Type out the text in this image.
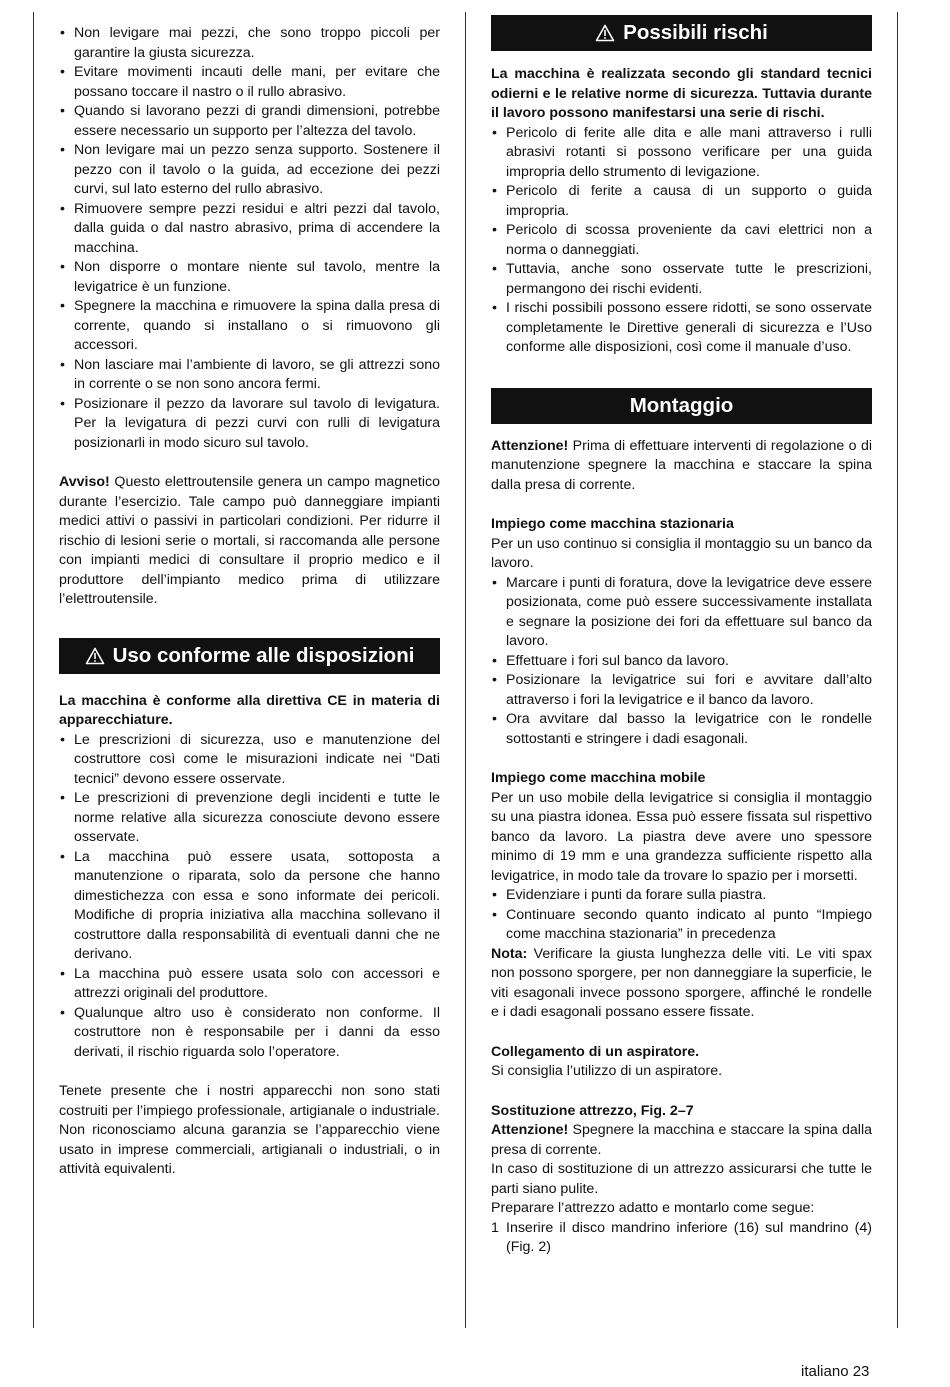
• Non levigare mai pezzi, che sono troppo piccoli per garantire la giusta sicurezza.
• Evitare movimenti incauti delle mani, per evitare che possano toccare il nastro o il rullo abrasivo.
• Quando si lavorano pezzi di grandi dimensioni, potrebbe essere necessario un supporto per l’altezza del tavolo.
• Non levigare mai un pezzo senza supporto. Sostenere il pezzo con il tavolo o la guida, ad eccezione dei pezzi curvi, sul lato esterno del rullo abrasivo.
• Rimuovere sempre pezzi residui e altri pezzi dal tavolo, dalla guida o dal nastro abrasivo, prima di accendere la macchina.
• Non disporre o montare niente sul tavolo, mentre la levigatrice è un funzione.
• Spegnere la macchina e rimuovere la spina dalla presa di corrente, quando si installano o si rimuovono gli accessori.
• Non lasciare mai l’ambiente di lavoro, se gli attrezzi sono in corrente o se non sono ancora fermi.
• Posizionare il pezzo da lavorare sul tavolo di levigatura. Per la levigatura di pezzi curvi con rulli di levigatura posizionarli in modo sicuro sul tavolo.

Avviso! Questo elettroutensile genera un campo magnetico durante l’esercizio. Tale campo può danneggiare impianti medici attivi o passivi in particolari condizioni. Per ridurre il rischio di lesioni serie o mortali, si raccomanda alle persone con impianti medici di consultare il proprio medico e il produttore dell’impianto medico prima di utilizzare l’elettroutensile.

Uso conforme alle disposizioni

La macchina è conforme alla direttiva CE in materia di apparecchiature.

• Le prescrizioni di sicurezza, uso e manutenzione del costruttore così come le misurazioni indicate nei “Dati tecnici” devono essere osservate.
• Le prescrizioni di prevenzione degli incidenti e tutte le norme relative alla sicurezza conosciute devono essere osservate.
• La macchina può essere usata, sottoposta a manutenzione o riparata, solo da persone che hanno dimestichezza con essa e sono informate dei pericoli. Modifiche di propria iniziativa alla macchina sollevano il costruttore dalla responsabilità di eventuali danni che ne derivano.
• La macchina può essere usata solo con accessori e attrezzi originali del produttore.
• Qualunque altro uso è considerato non conforme. Il costruttore non è responsabile per i danni da esso derivati, il rischio riguarda solo l’operatore.

Tenete presente che i nostri apparecchi non sono stati costruiti per l’impiego professionale, artigianale o industriale. Non riconosciamo alcuna garanzia se l’apparecchio viene usato in imprese commerciali, artigianali o industriali, o in attività equivalenti.

Possibili rischi

La macchina è realizzata secondo gli standard tecnici odierni e le relative norme di sicurezza. Tuttavia durante il lavoro possono manifestarsi una serie di rischi.

• Pericolo di ferite alle dita e alle mani attraverso i rulli abrasivi rotanti si possono verificare per una guida impropria dello strumento di levigazione.
• Pericolo di ferite a causa di un supporto o guida impropria.
• Pericolo di scossa proveniente da cavi elettrici non a norma o danneggiati.
• Tuttavia, anche sono osservate tutte le prescrizioni, permangono dei rischi evidenti.
• I rischi possibili possono essere ridotti, se sono osservate completamente le Direttive generali di sicurezza e l’Uso conforme alle disposizioni, così come il manuale d’uso.
Montaggio

Attenzione! Prima di effettuare interventi di regolazione o di manutenzione spegnere la macchina e staccare la spina dalla presa di corrente.

Impiego come macchina stazionaria

Per un uso continuo si consiglia il montaggio su un banco da lavoro.

• Marcare i punti di foratura, dove la levigatrice deve essere posizionata, come può essere successivamente installata e segnare la posizione dei fori da effettuare sul banco da lavoro.
• Effettuare i fori sul banco da lavoro.
• Posizionare la levigatrice sui fori e avvitare dall’alto attraverso i fori la levigatrice e il banco da lavoro.
• Ora avvitare dal basso la levigatrice con le rondelle sottostanti e stringere i dadi esagonali.

Impiego come macchina mobile

Per un uso mobile della levigatrice si consiglia il montaggio su una piastra idonea. Essa può essere fissata sul rispettivo banco da lavoro. La piastra deve avere uno spessore minimo di 19 mm e una grandezza sufficiente rispetto alla levigatrice, in modo tale da trovare lo spazio per i morsetti.

• Evidenziare i punti da forare sulla piastra.
• Continuare secondo quanto indicato al punto “Impiego come macchina stazionaria” in precedenza

Nota: Verificare la giusta lunghezza delle viti. Le viti spax non possono sporgere, per non danneggiare la superficie, le viti esagonali invece possono sporgere, affinché le rondelle e i dadi esagonali possano essere fissate.

Collegamento di un aspiratore.

Si consiglia l’utilizzo di un aspiratore.

Sostituzione attrezzo, Fig. 2–7

Attenzione! Spegnere la macchina e staccare la spina dalla presa di corrente.

In caso di sostituzione di un attrezzo assicurarsi che tutte le parti siano pulite.

Preparare l’attrezzo adatto e montarlo come segue:

1 Inserire il disco mandrino inferiore (16) sul mandrino (4) (Fig. 2)
italiano 23
